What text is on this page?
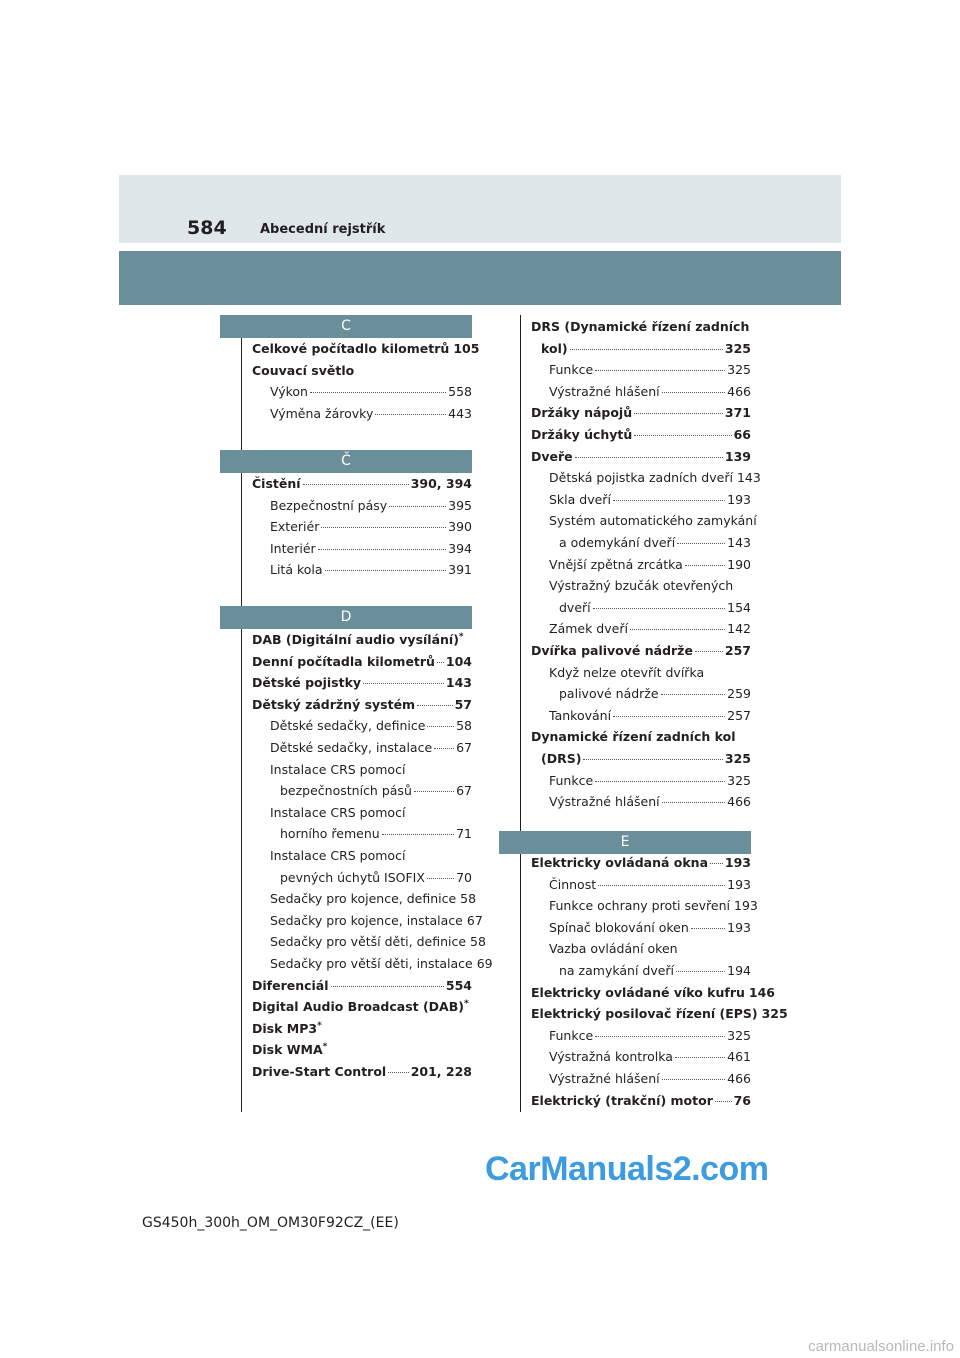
584	Abecední rejstřík
C
Celkové počítadlo kilometrů 105
Couvací světlo
Výkon	558
Výměna žárovky	443
Č
Čistění	390, 394
Bezpečnostní pásy	395
Exteriér	390
Interiér	394
Litá kola	391
D
DAB (Digitální audio vysílání)*
Denní počítadla kilometrů 104
Dětské pojistky	143
Dětský zádržný systém	57
Dětské sedačky, definice 58
Dětské sedačky, instalace 67
Instalace CRS pomocí
bezpečnostních pásů	67
Instalace CRS pomocí
horního řemenu	71
Instalace CRS pomocí
pevných úchytů ISOFIX 70
Sedačky pro kojence, definice 58
Sedačky pro kojence, instalace 67
Sedačky pro větší děti, definice 58
Sedačky pro větší děti, instalace 69
Diferenciál	554
Digital Audio Broadcast (DAB)*
Disk MP3*
Disk WMA*
Drive-Start Control 201, 228
DRS (Dynamické řízení zadních
kol)	325
Funkce	325
Výstražné hlášení	466
Držáky nápojů	371
Držáky úchytů	66
Dveře	139
Dětská pojistka zadních dveří 143
Skla dveří	193
Systém automatického zamykání
a odemykání dveří	143
Vnější zpětná zrcátka	190
Výstražný bzučák otevřených
dveří	154
Zámek dveří	142
Dvířka palivové nádrže	257
Když nelze otevřít dvířka
palivové nádrže	259
Tankování	257
Dynamické řízení zadních kol
(DRS)	325
Funkce	325
Výstražné hlášení	466
E
Elektricky ovládaná okna 193
Činnost	193
Funkce ochrany proti sevření 193
Spínač blokování oken	193
Vazba ovládání oken
na zamykání dveří	194
Elektricky ovládané víko kufru 146
Elektrický posilovač řízení (EPS) 325
Funkce	325
Výstražná kontrolka	461
Výstražné hlášení	466
Elektrický (trakční) motor 76
GS450h_300h_OM_OM30F92CZ_(EE)
CarManuals2.com
carmanualsonline.info
